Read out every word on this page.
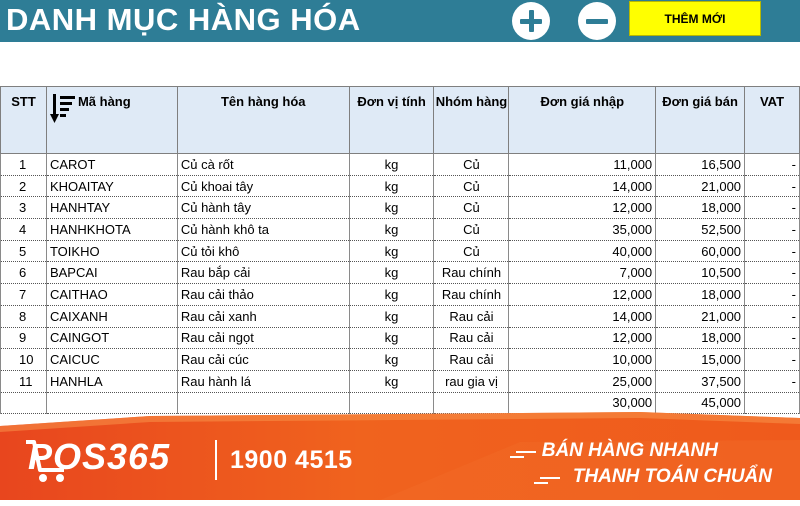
DANH MỤC HÀNG HÓA	THÊM MỚI
STT	Mã hàng	Tên hàng hóa	Đơn vị tính	Nhóm hàng	Đơn giá nhập	Đơn giá bán	VAT
1	CAROT	Củ cà rốt	kg	Củ	11,000	16,500	-
2	KHOAITAY	Củ khoai tây	kg	Củ	14,000	21,000	-
3	HANHTAY	Củ hành tây	kg	Củ	12,000	18,000	-
4	HANHKHOTA	Củ hành khô ta	kg	Củ	35,000	52,500	-
5	TOIKHO	Củ tỏi khô	kg	Củ	40,000	60,000	-
6	BAPCAI	Rau bắp cải	kg	Rau chính	7,000	10,500	-
7	CAITHAO	Rau cải thảo	kg	Rau chính	12,000	18,000	-
8	CAIXANH	Rau cải xanh	kg	Rau cải	14,000	21,000	-
9	CAINGOT	Rau cải ngọt	kg	Rau cải	12,000	18,000	-
10	CAICUC	Rau cải cúc	kg	Rau cải	10,000	15,000	-
11	HANHLA	Rau hành lá	kg	rau gia vị	25,000	37,500	-
					30,000	45,000	
POS365 1900 4515	BÁN HÀNG NHANH
THANH TOÁN CHUẨN
